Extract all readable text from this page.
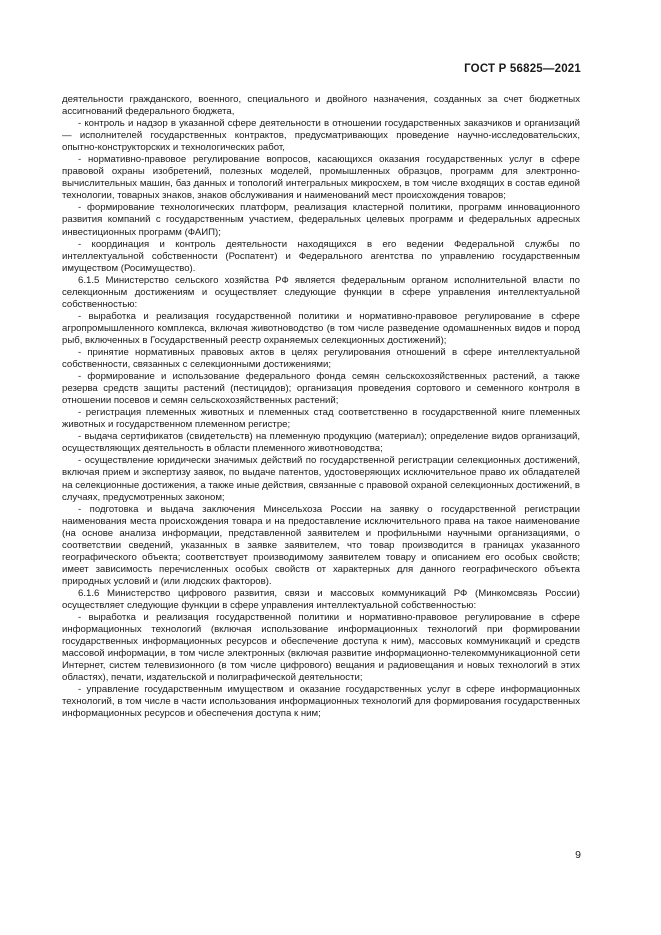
ГОСТ Р 56825—2021

деятельности гражданского, военного, специального и двойного назначения, созданных за счет бюджетных ассигнований федерального бюджета,

- контроль и надзор в указанной сфере деятельности в отношении государственных заказчиков и организаций — исполнителей государственных контрактов, предусматривающих проведение научно-исследовательских, опытно-конструкторских и технологических работ,

- нормативно-правовое регулирование вопросов, касающихся оказания государственных услуг в сфере правовой охраны изобретений, полезных моделей, промышленных образцов, программ для электронно-вычислительных машин, баз данных и топологий интегральных микросхем, в том числе входящих в состав единой технологии, товарных знаков, знаков обслуживания и наименований мест происхождения товаров;

- формирование технологических платформ, реализация кластерной политики, программ инновационного развития компаний с государственным участием, федеральных целевых программ и федеральных адресных инвестиционных программ (ФАИП);

- координация и контроль деятельности находящихся в его ведении Федеральной службы по интеллектуальной собственности (Роспатент) и Федерального агентства по управлению государственным имуществом (Росимущество).

6.1.5 Министерство сельского хозяйства РФ является федеральным органом исполнительной власти по селекционным достижениям и осуществляет следующие функции в сфере управления интеллектуальной собственностью:

- выработка и реализация государственной политики и нормативно-правовое регулирование в сфере агропромышленного комплекса, включая животноводство (в том числе разведение одомашненных видов и пород рыб, включенных в Государственный реестр охраняемых селекционных достижений);

- принятие нормативных правовых актов в целях регулирования отношений в сфере интеллектуальной собственности, связанных с селекционными достижениями;

- формирование и использование федерального фонда семян сельскохозяйственных растений, а также резерва средств защиты растений (пестицидов); организация проведения сортового и семенного контроля в отношении посевов и семян сельскохозяйственных растений;

- регистрация племенных животных и племенных стад соответственно в государственной книге племенных животных и государственном племенном регистре;

- выдача сертификатов (свидетельств) на племенную продукцию (материал); определение видов организаций, осуществляющих деятельность в области племенного животноводства;

- осуществление юридически значимых действий по государственной регистрации селекционных достижений, включая прием и экспертизу заявок, по выдаче патентов, удостоверяющих исключительное право их обладателей на селекционные достижения, а также иные действия, связанные с правовой охраной селекционных достижений, в случаях, предусмотренных законом;

- подготовка и выдача заключения Минсельхоза России на заявку о государственной регистрации наименования места происхождения товара и на предоставление исключительного права на такое наименование (на основе анализа информации, представленной заявителем и профильными научными организациями, о соответствии сведений, указанных в заявке заявителем, что товар производится в границах указанного географического объекта; соответствует производимому заявителем товару и описанием его особых свойств; имеет зависимость перечисленных особых свойств от характерных для данного географического объекта природных условий и (или людских факторов).

6.1.6 Министерство цифрового развития, связи и массовых коммуникаций РФ (Минкомсвязь России) осуществляет следующие функции в сфере управления интеллектуальной собственностью:

- выработка и реализация государственной политики и нормативно-правовое регулирование в сфере информационных технологий (включая использование информационных технологий при формировании государственных информационных ресурсов и обеспечение доступа к ним), массовых коммуникаций и средств массовой информации, в том числе электронных (включая развитие информационно-телекоммуникационной сети Интернет, систем телевизионного (в том числе цифрового) вещания и радиовещания и новых технологий в этих областях), печати, издательской и полиграфической деятельности;

- управление государственным имуществом и оказание государственных услуг в сфере информационных технологий, в том числе в части использования информационных технологий для формирования государственных информационных ресурсов и обеспечения доступа к ним;

9
